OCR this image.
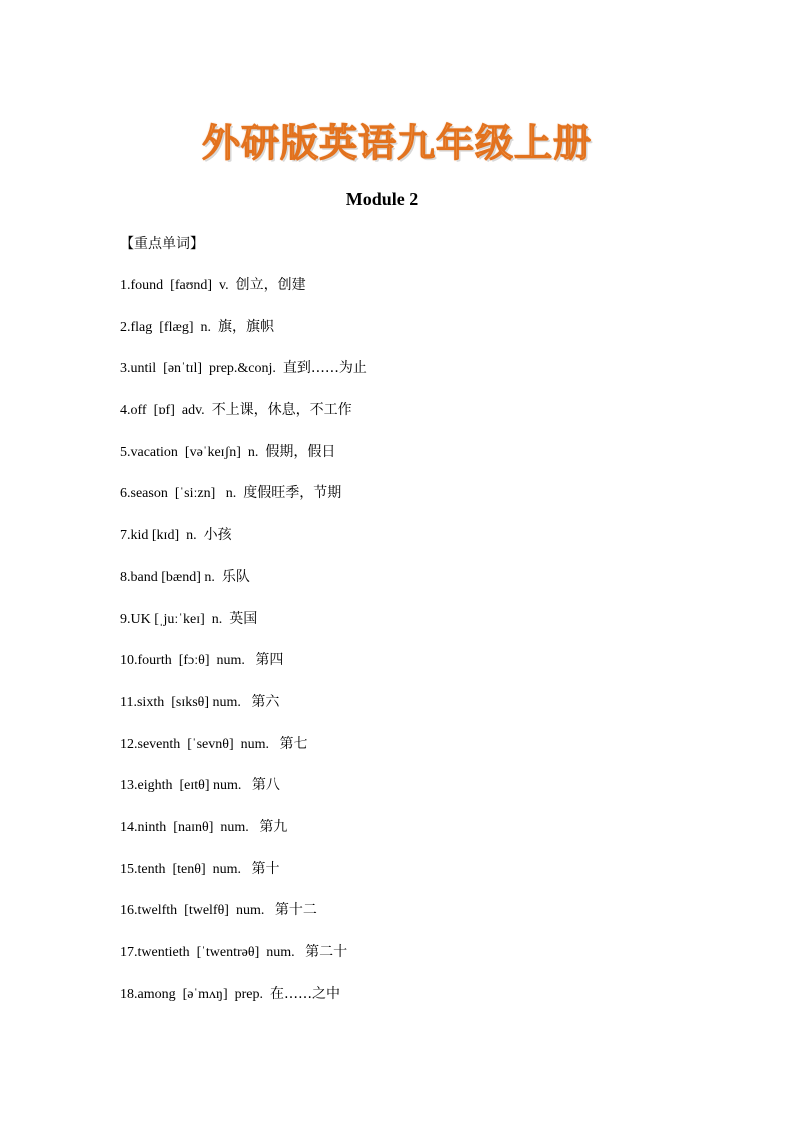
外研版英语九年级上册
Module 2
【重点单词】
1.found  [faʊnd]  v.  创立，创建
2.flag  [flæg]  n.  旗，旗帜
3.until  [ənˈtɪl]  prep.&conj.  直到……为止
4.off  [ɒf]  adv.  不上课，休息，不工作
5.vacation  [vəˈkeɪʃn]  n.  假期，假日
6.season  [ˈsiːzn]   n.  度假旺季，节期
7.kid [kɪd]  n.  小孩
8.band [bænd] n.  乐队
9.UK [ˌjuːˈkeɪ]  n.  英国
10.fourth  [fɔːθ]  num.   第四
11.sixth  [sɪksθ] num.   第六
12.seventh  [ˈsevnθ]  num.   第七
13.eighth  [eɪtθ] num.   第八
14.ninth  [naɪnθ]  num.   第九
15.tenth  [tenθ]  num.   第十
16.twelfth  [twelfθ]  num.   第十二
17.twentieth  [ˈtwentrəθ]  num.   第二十
18.among  [əˈmʌŋ]  prep.  在……之中
